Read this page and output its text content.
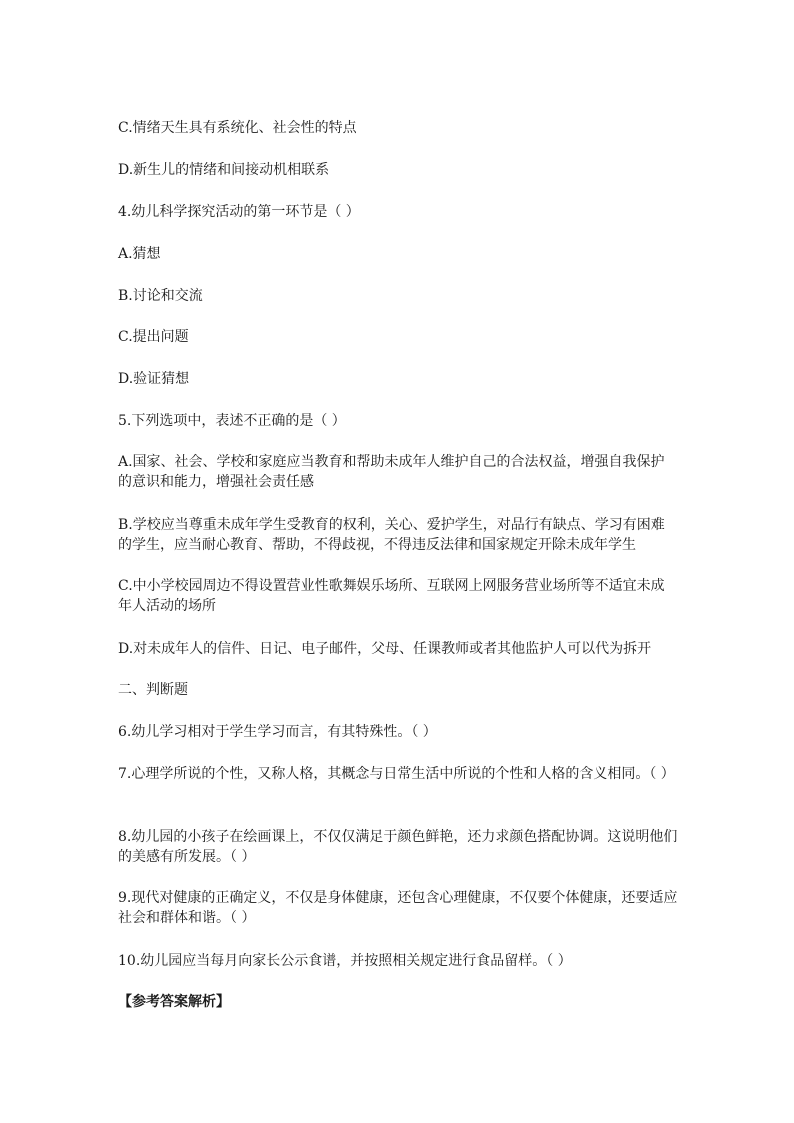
C.情绪天生具有系统化、社会性的特点
D.新生儿的情绪和间接动机相联系
4.幼儿科学探究活动的第一环节是（ ）
A.猜想
B.讨论和交流
C.提出问题
D.验证猜想
5.下列选项中，表述不正确的是（ ）
A.国家、社会、学校和家庭应当教育和帮助未成年人维护自己的合法权益，增强自我保护的意识和能力，增强社会责任感
B.学校应当尊重未成年学生受教育的权利，关心、爱护学生，对品行有缺点、学习有困难的学生，应当耐心教育、帮助，不得歧视，不得违反法律和国家规定开除未成年学生
C.中小学校园周边不得设置营业性歌舞娱乐场所、互联网上网服务营业场所等不适宜未成年人活动的场所
D.对未成年人的信件、日记、电子邮件，父母、任课教师或者其他监护人可以代为拆开
二、判断题
6.幼儿学习相对于学生学习而言，有其特殊性。（ ）
7.心理学所说的个性，又称人格，其概念与日常生活中所说的个性和人格的含义相同。（ ）
8.幼儿园的小孩子在绘画课上，不仅仅满足于颜色鲜艳，还力求颜色搭配协调。这说明他们的美感有所发展。（ ）
9.现代对健康的正确定义，不仅是身体健康，还包含心理健康，不仅要个体健康，还要适应社会和群体和谐。（ ）
10.幼儿园应当每月向家长公示食谱，并按照相关规定进行食品留样。（ ）
【参考答案解析】
